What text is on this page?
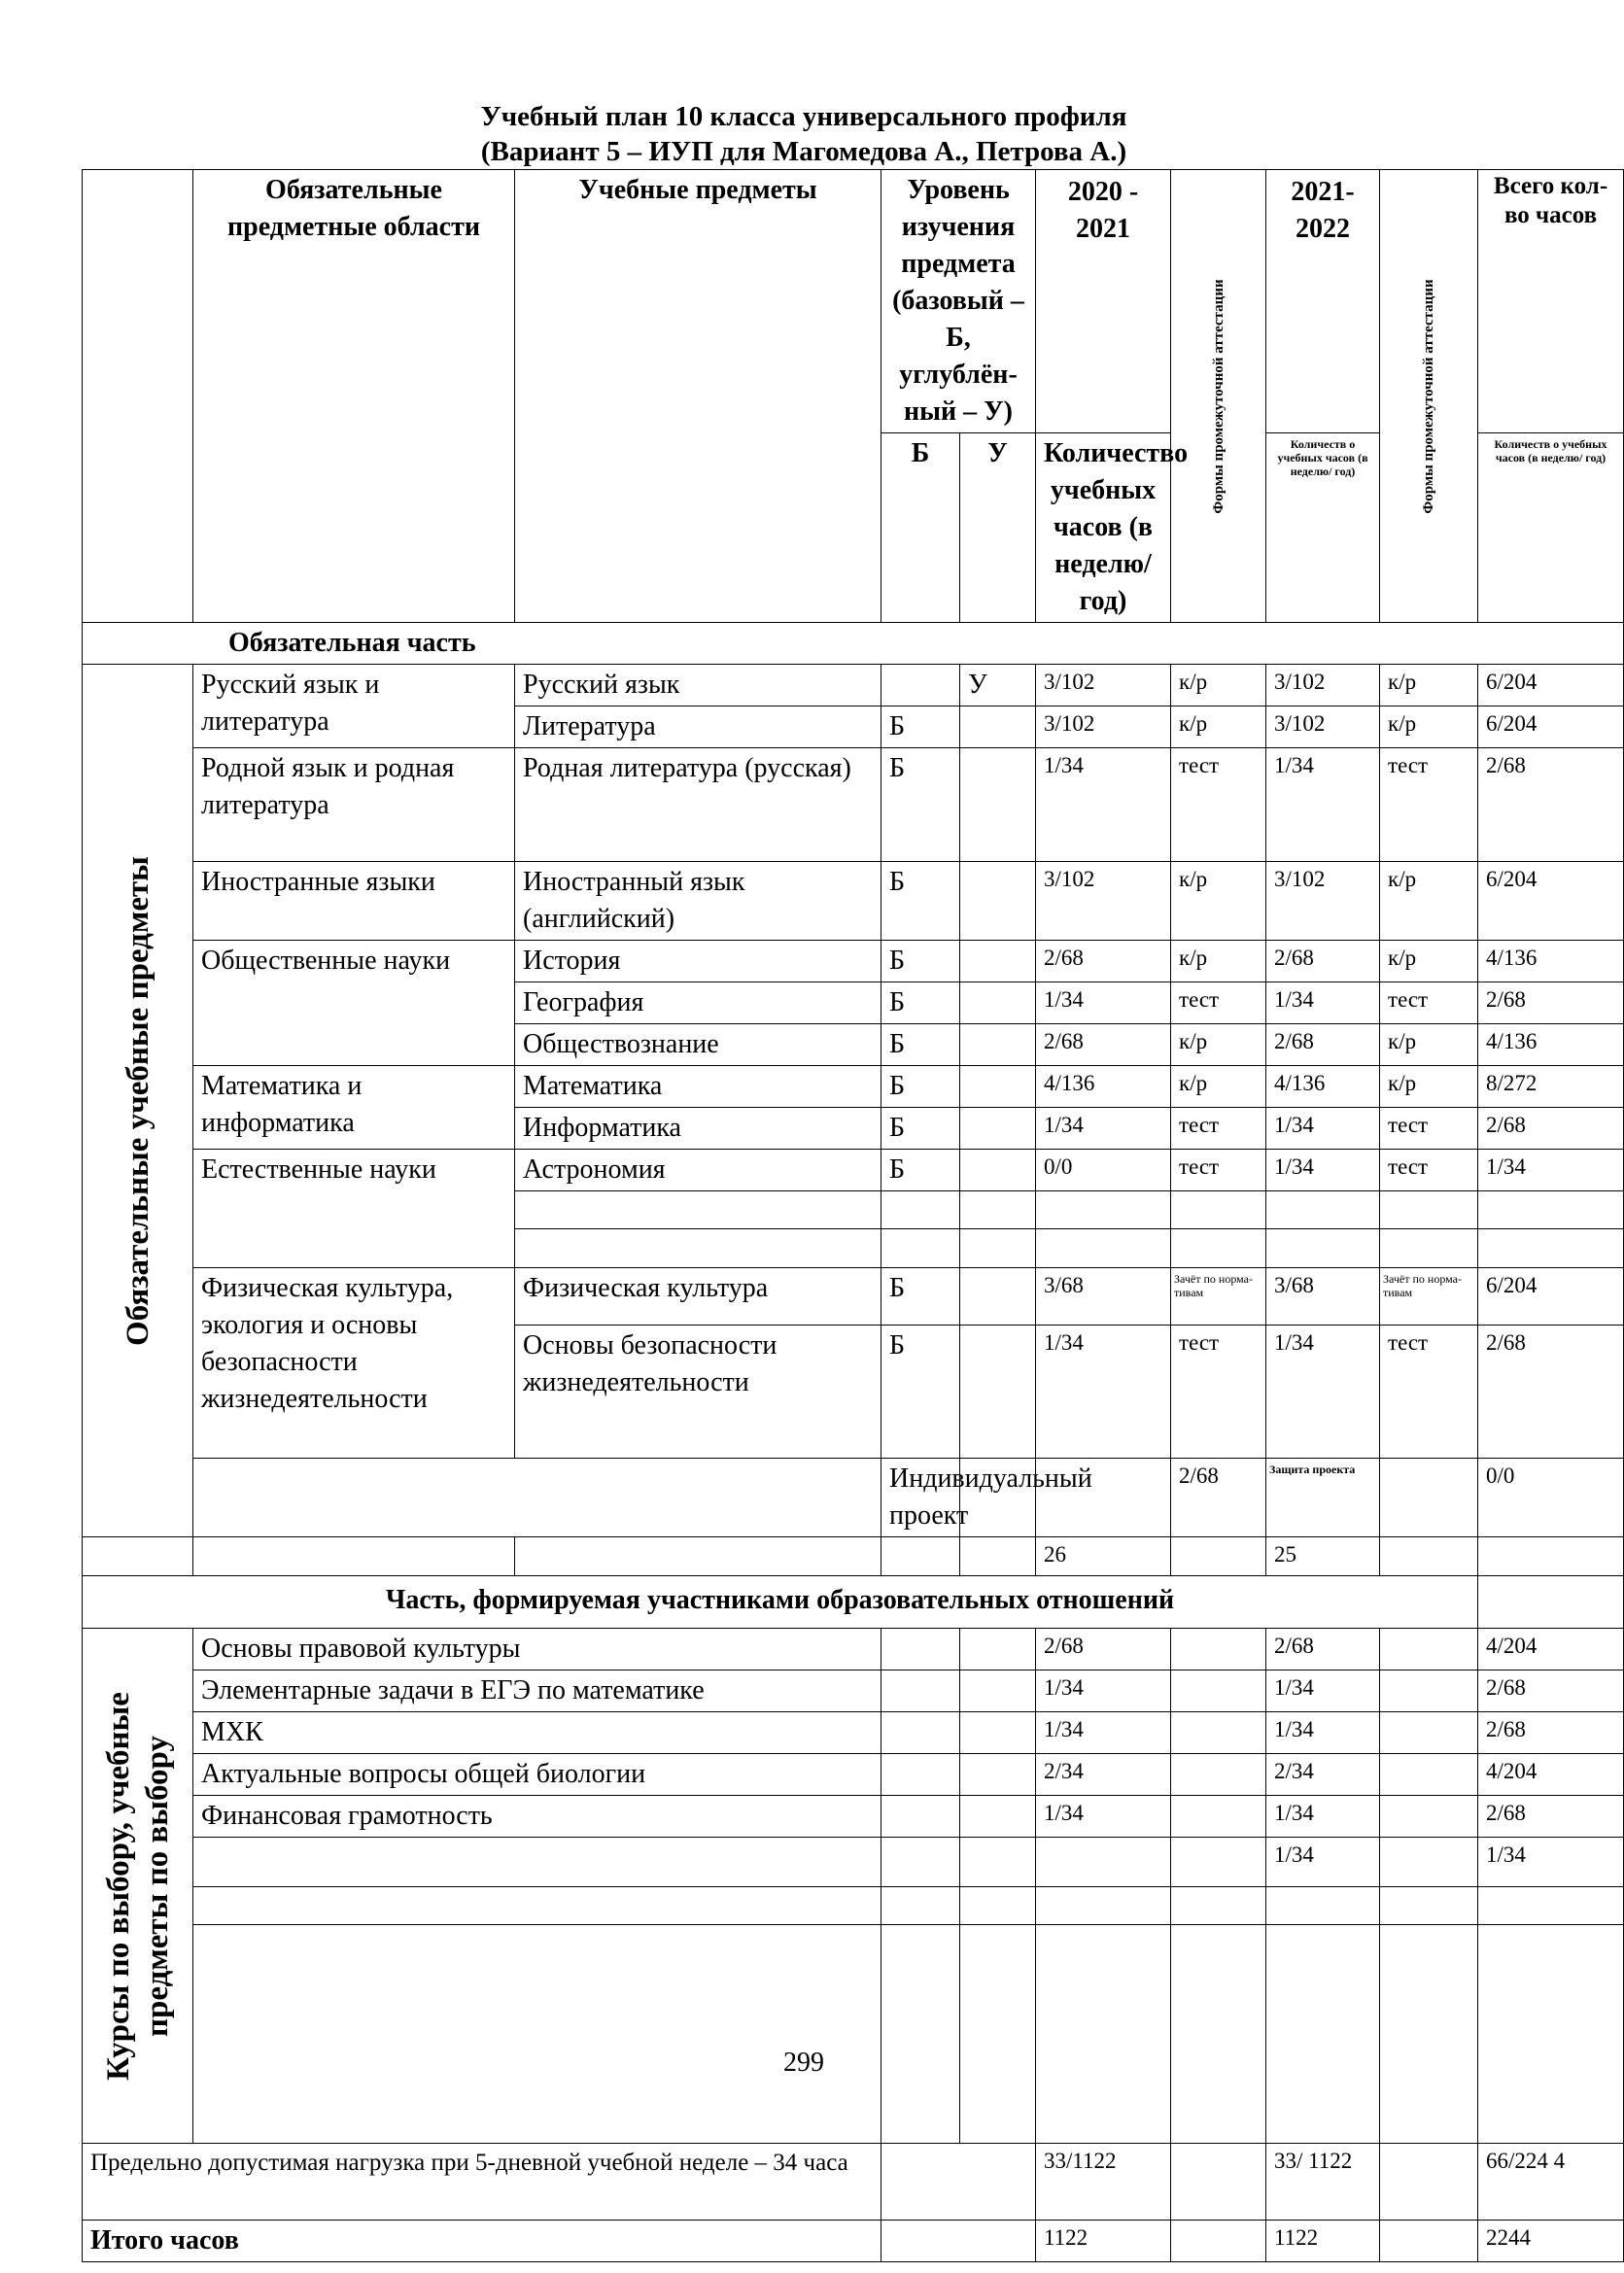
Учебный план 10 класса универсального профиля
(Вариант 5 – ИУП для Магомедова А., Петрова А.)
	Обязательные предметные области	Учебные предметы	Уровень изучения предмета (базовый – Б, углублён-ный – У)		2020 - 2021	Формы промежуточной аттестации	2021-2022	Формы промежуточной аттестации	Всего кол-во часов	
			Б	У	Количество учебных часов (в неделю/ год)		Количеств о учебных часов (в неделю/ год)		Количеств о учебных часов (в неделю/ год)	
Обязательная часть										

Обязательные учебные предметы	Русский язык и литература	Русский язык		У	3/102	к/р	3/102	к/р	6/204	
		Литература	Б		3/102	к/р	3/102	к/р	6/204	
	Родной язык и родная литература	Родная литература (русская)	Б		1/34	тест	1/34	тест	2/68	
	Иностранные языки	Иностранный язык (английский)	Б		3/102	к/р	3/102	к/р	6/204	
	Общественные науки	История	Б		2/68	к/р	2/68	к/р	4/136	
		География	Б		1/34	тест	1/34	тест	2/68	
		Обществознание	Б		2/68	к/р	2/68	к/р	4/136	
	Математика и информатика	Математика	Б		4/136	к/р	4/136	к/р	8/272	
		Информатика	Б		1/34	тест	1/34	тест	2/68	
	Естественные науки	Астрономия	Б		0/0	тест	1/34	тест	1/34	

	Физическая культура, экология и основы безопасности жизнедеятельности	Физическая культура	Б		3/68	Зачёт по норма-тивам	3/68	Зачёт по норма-тивам	6/204	
		Основы безопасности жизнедеятельности	Б		1/34	тест	1/34	тест	2/68	
			Индивидуальный проект			2/68	Защита проекта		0/0	
					26		25			
Часть, формируемая участниками образовательных отношений										

Курсы по выбору, учебные предметы по выбору	Основы правовой культуры				2/68		2/68		4/204	
	Элементарные задачи в ЕГЭ по математике				1/34		1/34		2/68	
	МХК				1/34		1/34		2/68	
	Актуальные вопросы общей биологии				2/34		2/34		4/204	
	Финансовая грамотность				1/34		1/34		2/68	
							1/34		1/34	

Предельно допустимая нагрузка при 5-дневной учебной неделе – 34 часа					33/1122		33/ 1122		66/224 4	
Итого часов					1122		1122		2244	
299
